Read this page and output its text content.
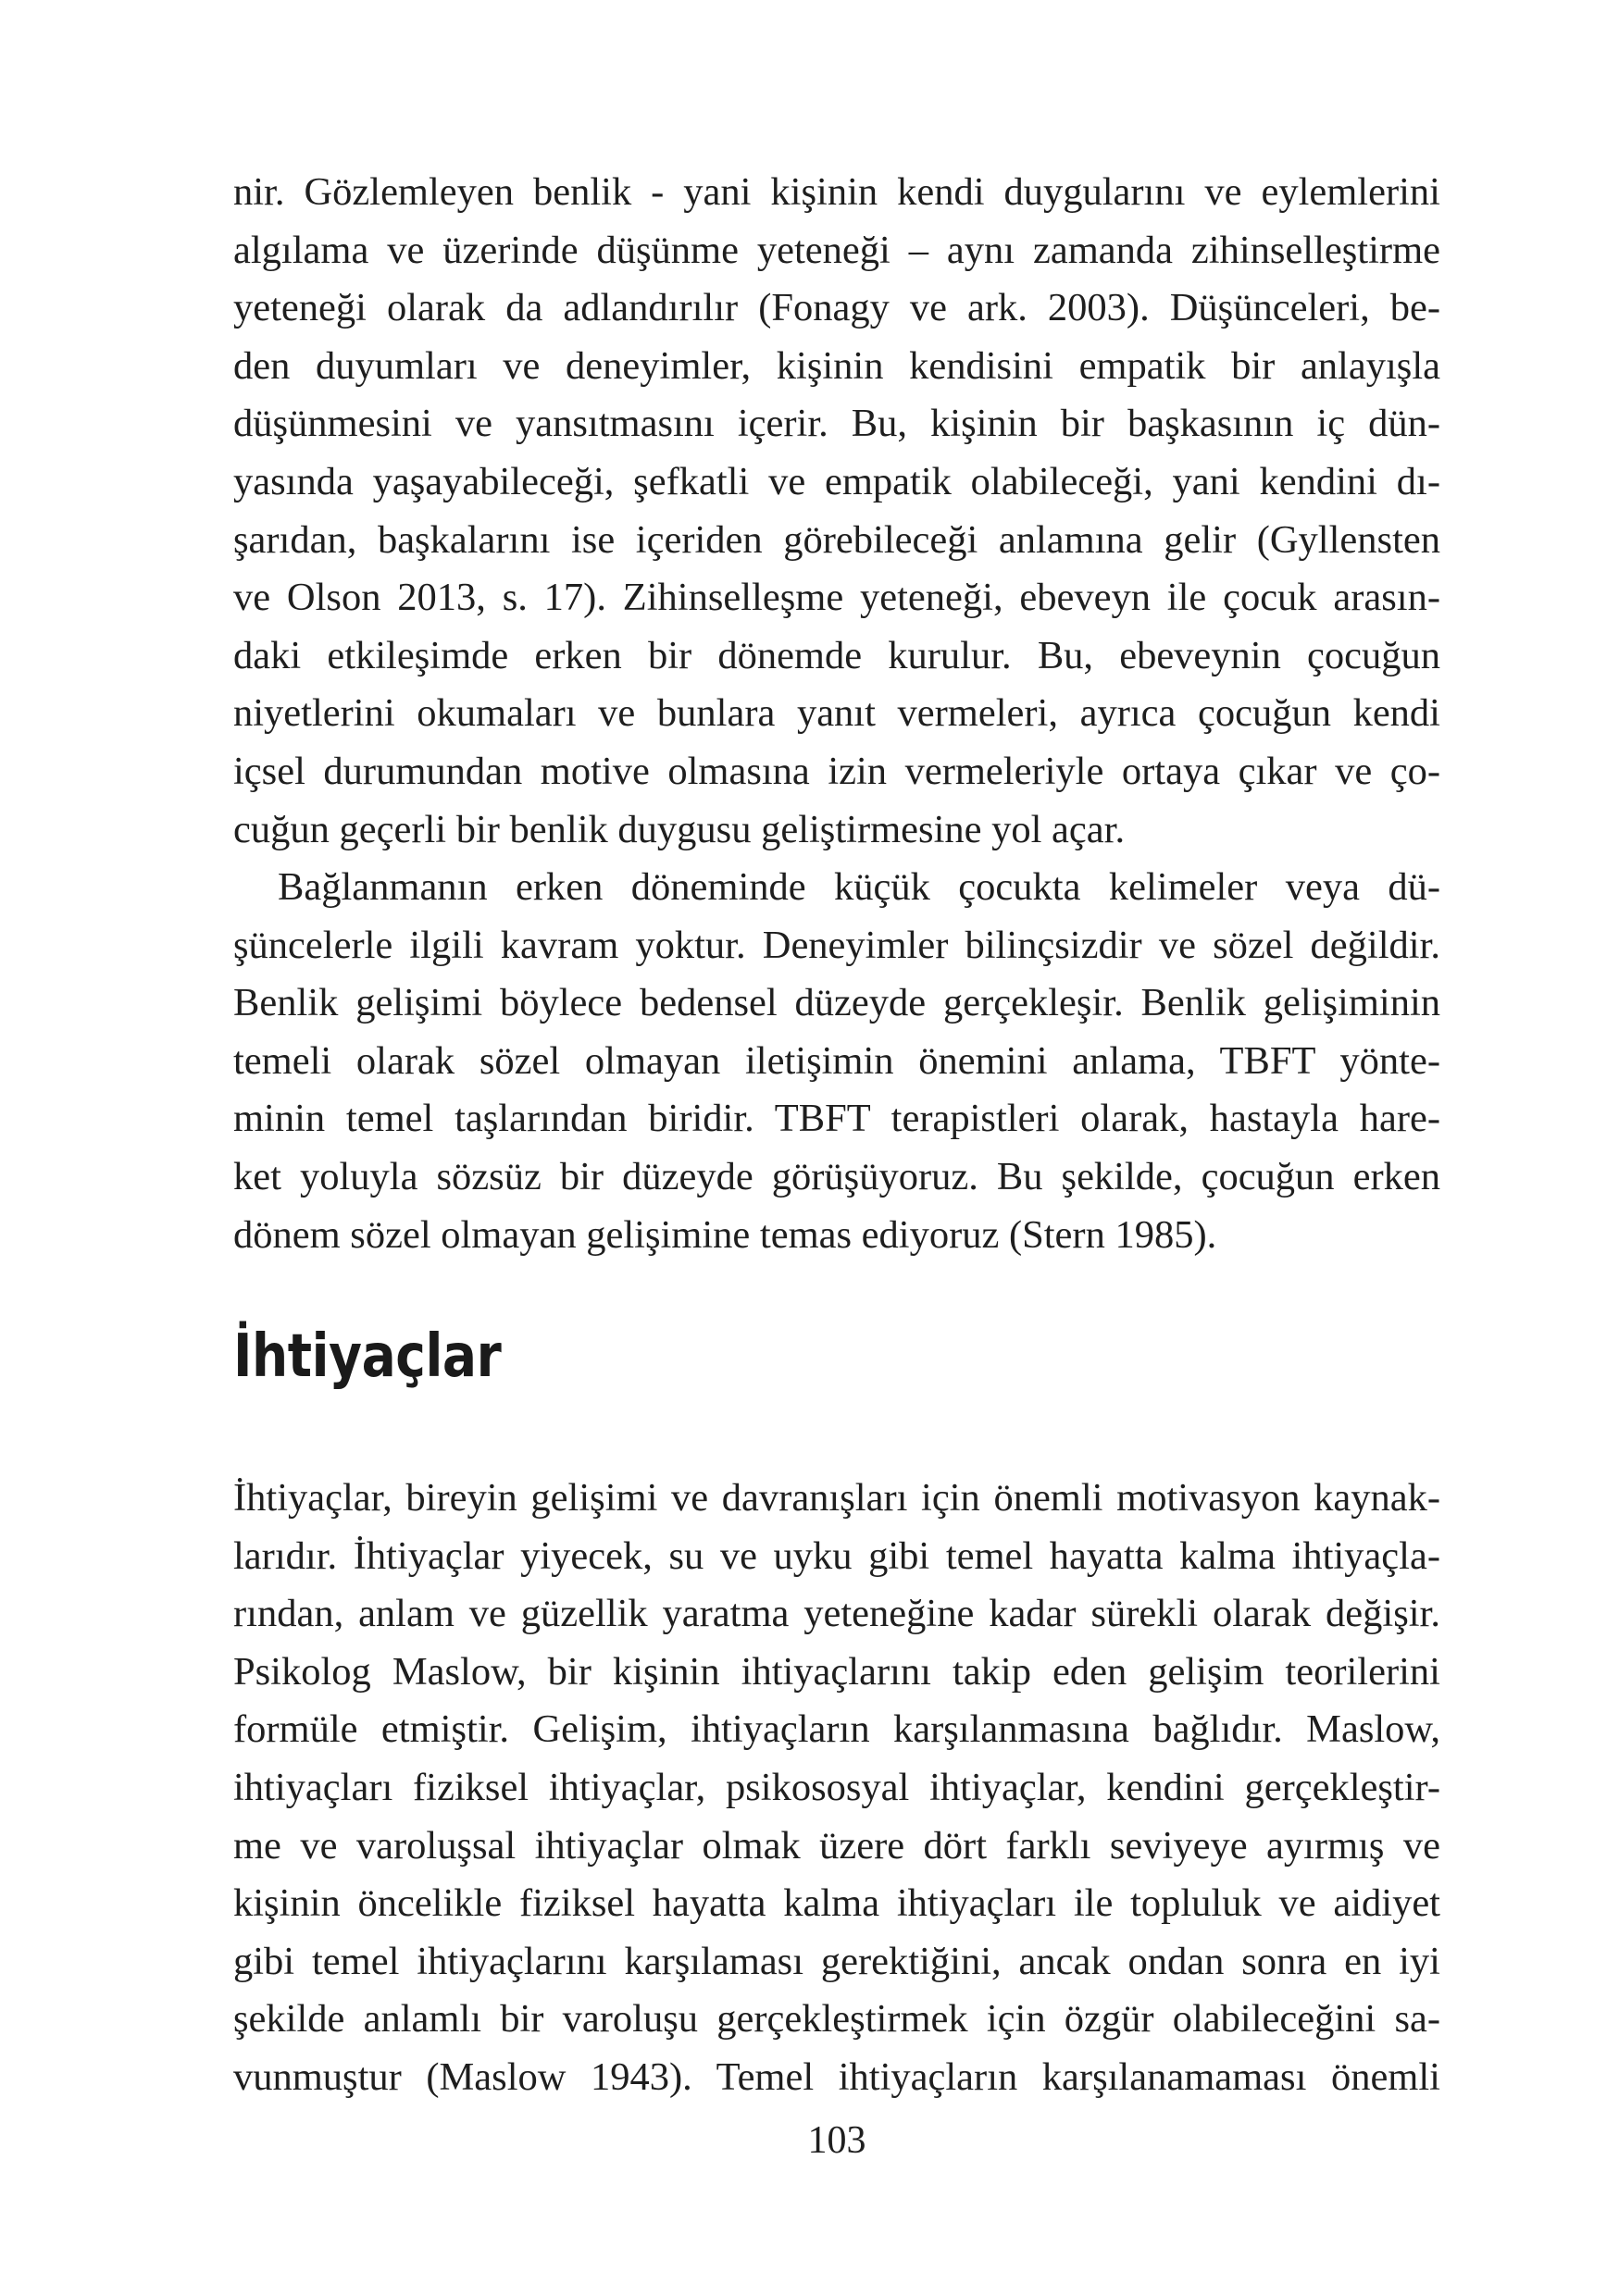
nir. Gözlemleyen benlik - yani kişinin kendi duygularını ve eylemlerini
algılama ve üzerinde düşünme yeteneği – aynı zamanda zihinselleştirme
yeteneği olarak da adlandırılır (Fonagy ve ark. 2003). Düşünceleri, be-
den duyumları ve deneyimler, kişinin kendisini empatik bir anlayışla
düşünmesini ve yansıtmasını içerir. Bu, kişinin bir başkasının iç dün-
yasında yaşayabileceği, şefkatli ve empatik olabileceği, yani kendini dı-
şarıdan, başkalarını ise içeriden görebileceği anlamına gelir (Gyllensten
ve Olson 2013, s. 17). Zihinselleşme yeteneği, ebeveyn ile çocuk arasın-
daki etkileşimde erken bir dönemde kurulur. Bu, ebeveynin çocuğun
niyetlerini okumaları ve bunlara yanıt vermeleri, ayrıca çocuğun kendi
içsel durumundan motive olmasına izin vermeleriyle ortaya çıkar ve ço-
cuğun geçerli bir benlik duygusu geliştirmesine yol açar.

Bağlanmanın erken döneminde küçük çocukta kelimeler veya dü-
şüncelerle ilgili kavram yoktur. Deneyimler bilinçsizdir ve sözel değildir.
Benlik gelişimi böylece bedensel düzeyde gerçekleşir. Benlik gelişiminin
temeli olarak sözel olmayan iletişimin önemini anlama, TBFT yönte-
minin temel taşlarından biridir. TBFT terapistleri olarak, hastayla hare-
ket yoluyla sözsüz bir düzeyde görüşüyoruz. Bu şekilde, çocuğun erken
dönem sözel olmayan gelişimine temas ediyoruz (Stern 1985).

İhtiyaçlar

İhtiyaçlar, bireyin gelişimi ve davranışları için önemli motivasyon kaynak-
larıdır. İhtiyaçlar yiyecek, su ve uyku gibi temel hayatta kalma ihtiyaçla-
rından, anlam ve güzellik yaratma yeteneğine kadar sürekli olarak değişir.
Psikolog Maslow, bir kişinin ihtiyaçlarını takip eden gelişim teorilerini
formüle etmiştir. Gelişim, ihtiyaçların karşılanmasına bağlıdır. Maslow,
ihtiyaçları fiziksel ihtiyaçlar, psikososyal ihtiyaçlar, kendini gerçekleştir-
me ve varoluşsal ihtiyaçlar olmak üzere dört farklı seviyeye ayırmış ve
kişinin öncelikle fiziksel hayatta kalma ihtiyaçları ile topluluk ve aidiyet
gibi temel ihtiyaçlarını karşılaması gerektiğini, ancak ondan sonra en iyi
şekilde anlamlı bir varoluşu gerçekleştirmek için özgür olabileceğini sa-
vunmuştur (Maslow 1943). Temel ihtiyaçların karşılanamaması önemli

103
